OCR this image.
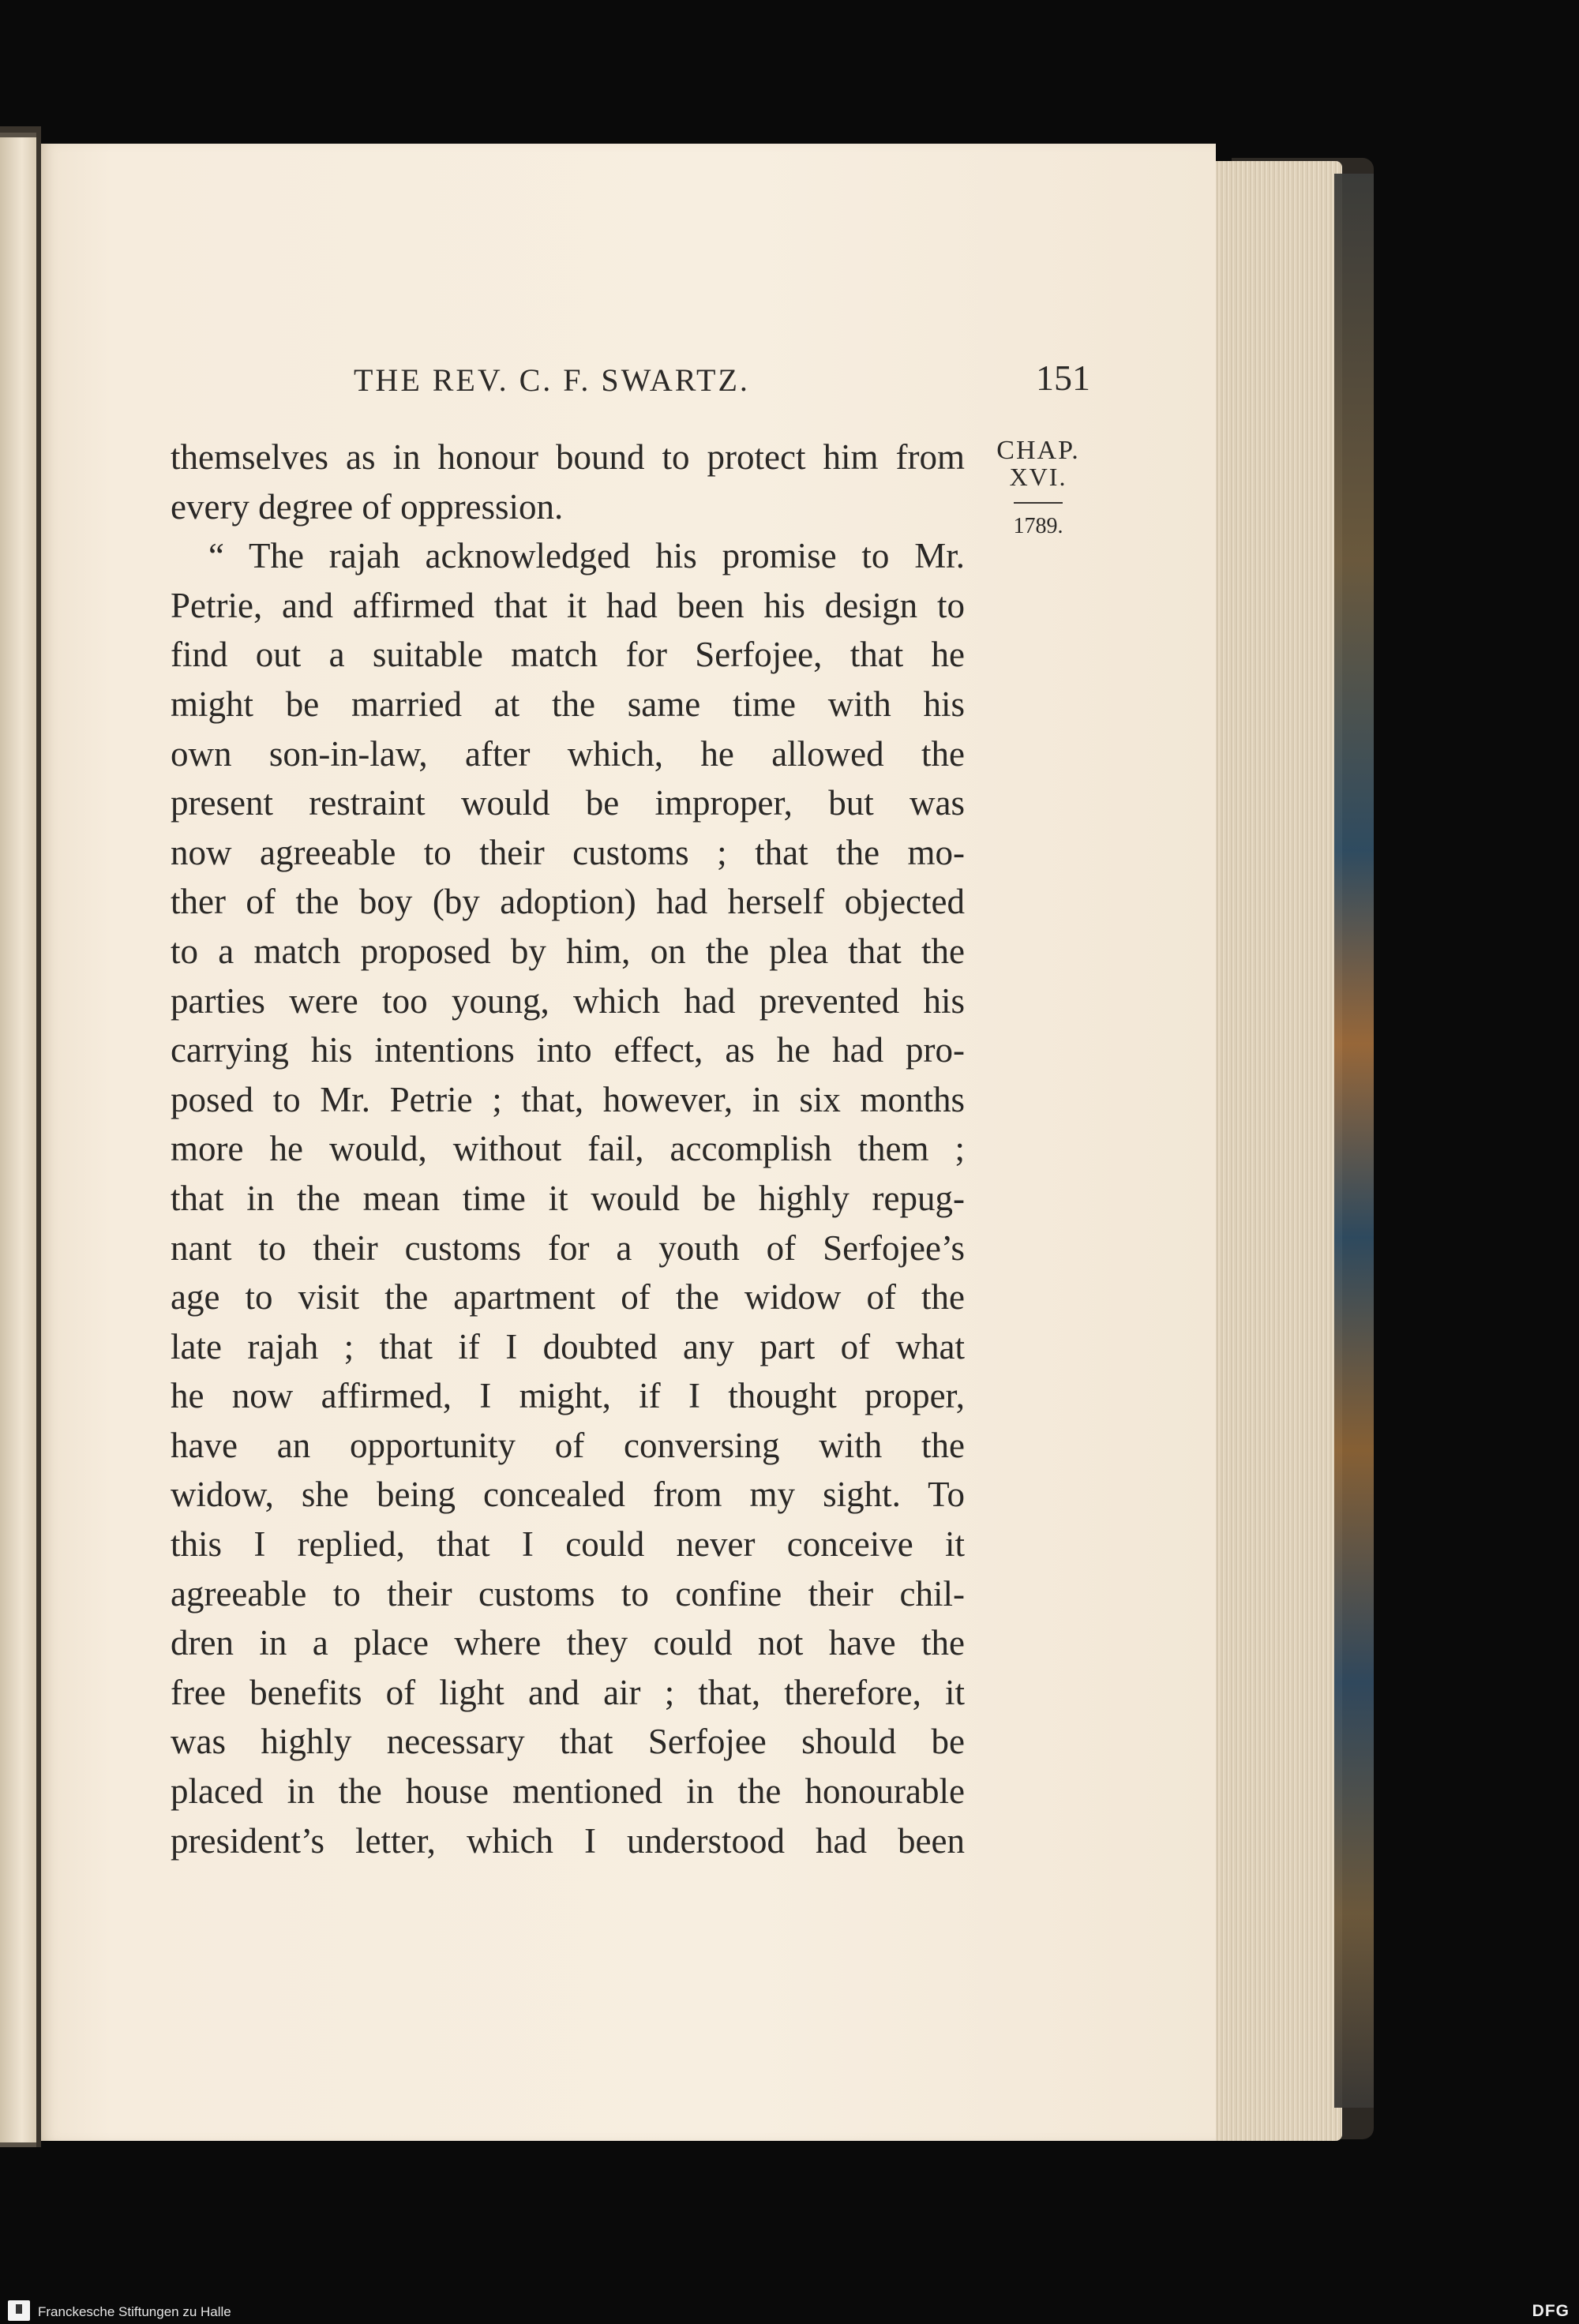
THE REV. C. F. SWARTZ.	151
CHAP.
XVI.
1789.
themselves as in honour bound to protect him from
every degree of oppression.
“ The rajah acknowledged his promise to Mr.
Petrie, and affirmed that it had been his design to
find out a suitable match for Serfojee, that he
might be married at the same time with his
own son-in-law, after which, he allowed the
present restraint would be improper, but was
now agreeable to their customs ; that the mo-
ther of the boy (by adoption) had herself objected
to a match proposed by him, on the plea that the
parties were too young, which had prevented his
carrying his intentions into effect, as he had pro-
posed to Mr. Petrie ; that, however, in six months
more he would, without fail, accomplish them ;
that in the mean time it would be highly repug-
nant to their customs for a youth of Serfojee’s
age to visit the apartment of the widow of the
late rajah ; that if I doubted any part of what
he now affirmed, I might, if I thought proper,
have an opportunity of conversing with the
widow, she being concealed from my sight. To
this I replied, that I could never conceive it
agreeable to their customs to confine their chil-
dren in a place where they could not have the
free benefits of light and air ; that, therefore, it
was highly necessary that Serfojee should be
placed in the house mentioned in the honourable
president’s letter, which I understood had been
Franckesche Stiftungen zu Halle	DFG
